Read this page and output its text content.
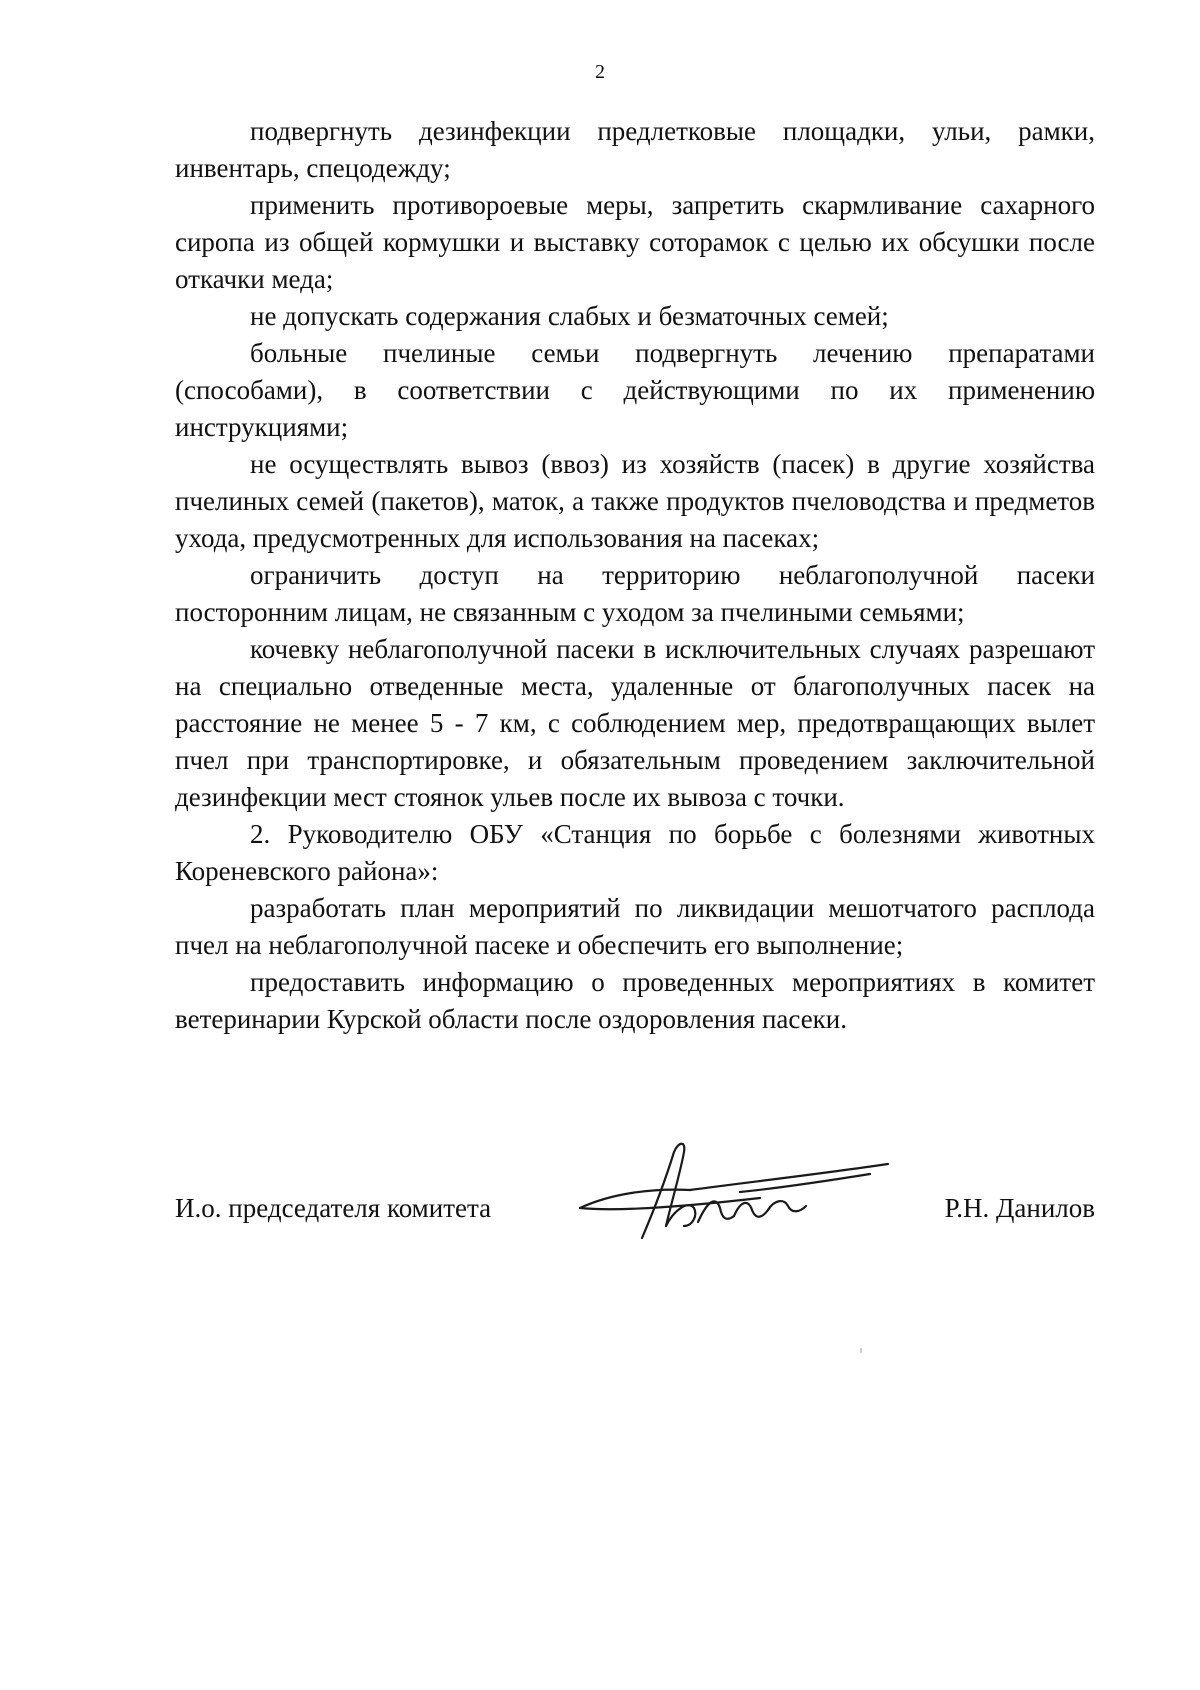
2

подвергнуть дезинфекции предлетковые площадки, ульи, рамки, инвентарь, спецодежду;

применить противороевые меры, запретить скармливание сахарного сиропа из общей кормушки и выставку соторамок с целью их обсушки после откачки меда;

не допускать содержания слабых и безматочных семей;

больные пчелиные семьи подвергнуть лечению препаратами (способами), в соответствии с действующими по их применению инструкциями;

не осуществлять вывоз (ввоз) из хозяйств (пасек) в другие хозяйства пчелиных семей (пакетов), маток, а также продуктов пчеловодства и предметов ухода, предусмотренных для использования на пасеках;

ограничить доступ на территорию неблагополучной пасеки посторонним лицам, не связанным с уходом за пчелиными семьями;

кочевку неблагополучной пасеки в исключительных случаях разрешают на специально отведенные места, удаленные от благополучных пасек на расстояние не менее 5 - 7 км, с соблюдением мер, предотвращающих вылет пчел при транспортировке, и обязательным проведением заключительной дезинфекции мест стоянок ульев после их вывоза с точки.

2. Руководителю ОБУ «Станция по борьбе с болезнями животных Кореневского района»:

разработать план мероприятий по ликвидации мешотчатого расплода пчел на неблагополучной пасеке и обеспечить его выполнение;

предоставить информацию о проведенных мероприятиях в комитет ветеринарии Курской области после оздоровления пасеки.

И.о. председателя комитета	Р.Н. Данилов
